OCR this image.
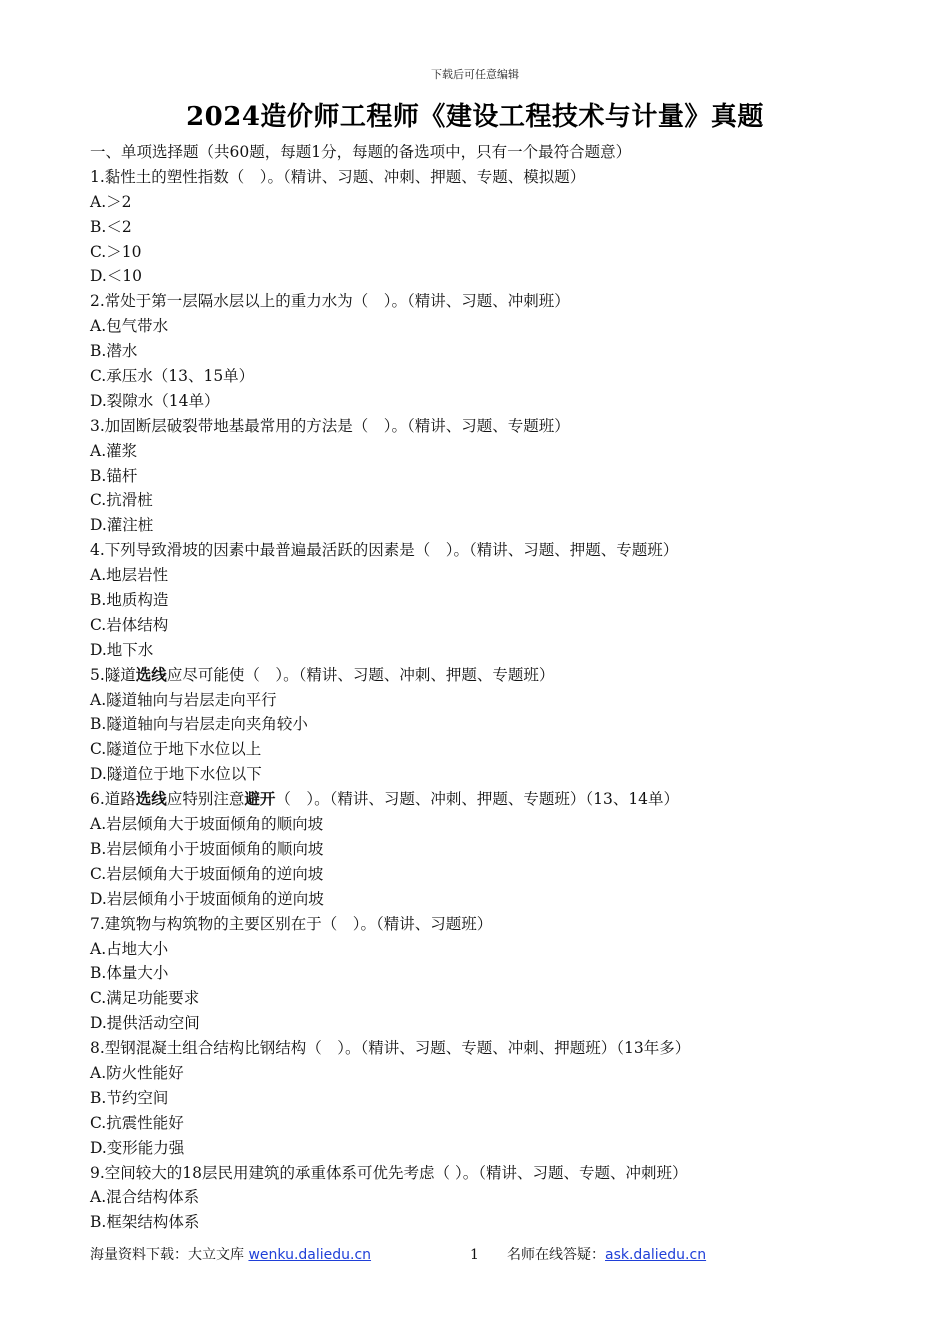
下载后可任意编辑
2024造价师工程师《建设工程技术与计量》真题
一、单项选择题（共60题，每题1分，每题的备选项中，只有一个最符合题意）
1.黏性土的塑性指数（　）。（精讲、习题、冲刺、押题、专题、模拟题）
A.＞2
B.＜2
C.＞10
D.＜10
2.常处于第一层隔水层以上的重力水为（　）。（精讲、习题、冲刺班）
A.包气带水
B.潜水
C.承压水（13、15单）
D.裂隙水（14单）
3.加固断层破裂带地基最常用的方法是（　）。（精讲、习题、专题班）
A.灌浆
B.锚杆
C.抗滑桩
D.灌注桩
4.下列导致滑坡的因素中最普遍最活跃的因素是（　）。（精讲、习题、押题、专题班）
A.地层岩性
B.地质构造
C.岩体结构
D.地下水
5.隧道选线应尽可能使（　）。（精讲、习题、冲刺、押题、专题班）
A.隧道轴向与岩层走向平行
B.隧道轴向与岩层走向夹角较小
C.隧道位于地下水位以上
D.隧道位于地下水位以下
6.道路选线应特别注意避开（　）。（精讲、习题、冲刺、押题、专题班）（13、14单）
A.岩层倾角大于坡面倾角的顺向坡
B.岩层倾角小于坡面倾角的顺向坡
C.岩层倾角大于坡面倾角的逆向坡
D.岩层倾角小于坡面倾角的逆向坡
7.建筑物与构筑物的主要区别在于（　）。（精讲、习题班）
A.占地大小
B.体量大小
C.满足功能要求
D.提供活动空间
8.型钢混凝土组合结构比钢结构（　）。（精讲、习题、专题、冲刺、押题班）（13年多）
A.防火性能好
B.节约空间
C.抗震性能好
D.变形能力强
9.空间较大的18层民用建筑的承重体系可优先考虑（ ）。（精讲、习题、专题、冲刺班）
A.混合结构体系
B.框架结构体系
海量资料下载：大立文库 wenku.daliedu.cn	1 名师在线答疑：ask.daliedu.cn
